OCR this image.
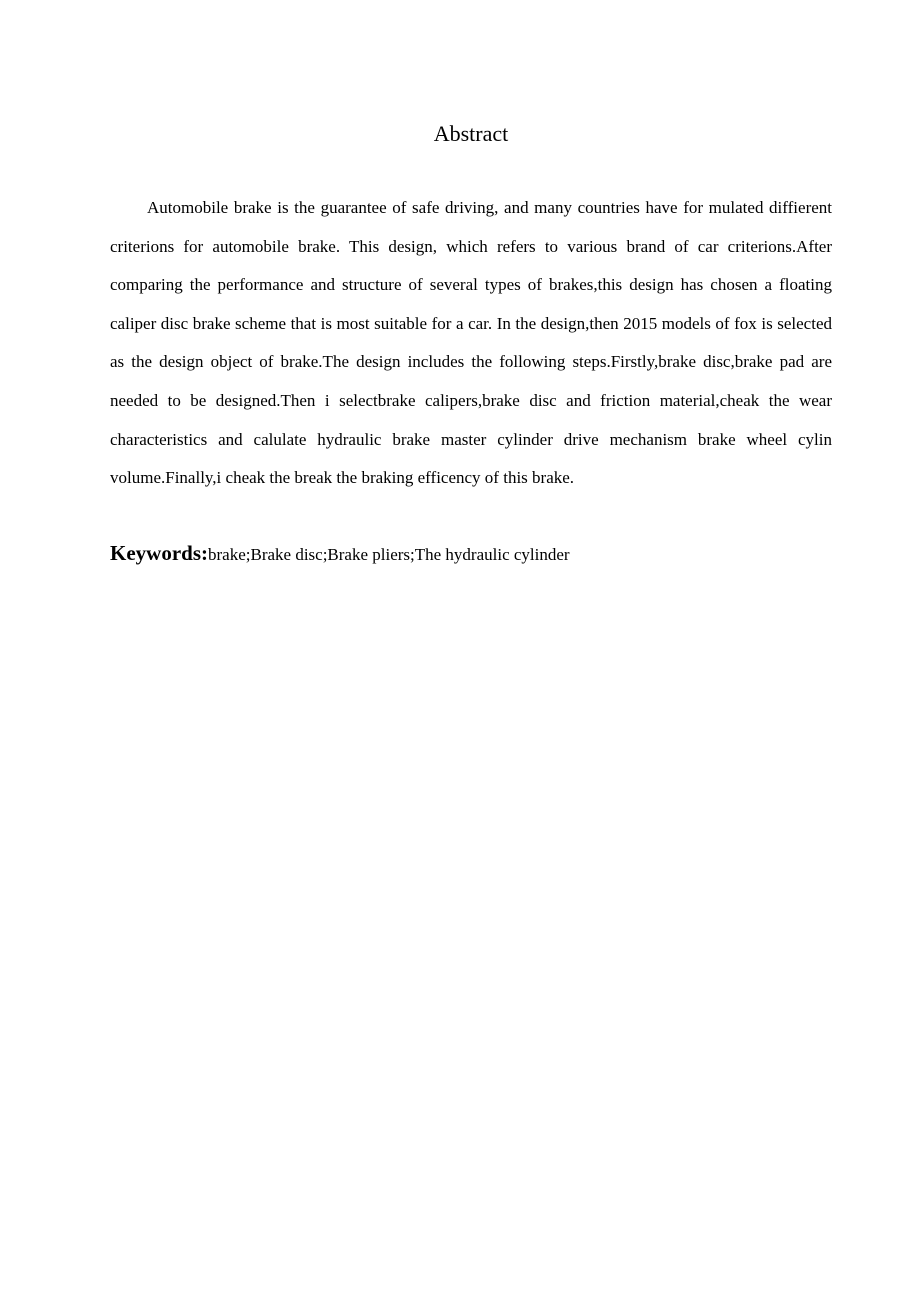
Abstract

Automobile brake is the guarantee of safe driving, and many countries have for mulated diffierent criterions for automobile brake. This design, which refers to various brand of car criterions.After comparing the performance and structure of several types of brakes,this design has chosen a floating caliper disc brake scheme that is most suitable for a car. In the design,then 2015 models of fox is selected as the design object of brake.The design includes the following steps.Firstly,brake disc,brake pad are needed to be designed.Then i selectbrake calipers,brake disc and friction material,cheak the wear characteristics and calulate hydraulic brake master cylinder drive mechanism brake wheel cylin volume.Finally,i cheak the break the braking efficency of this brake.

Keywords:brake;Brake disc;Brake pliers;The hydraulic cylinder
